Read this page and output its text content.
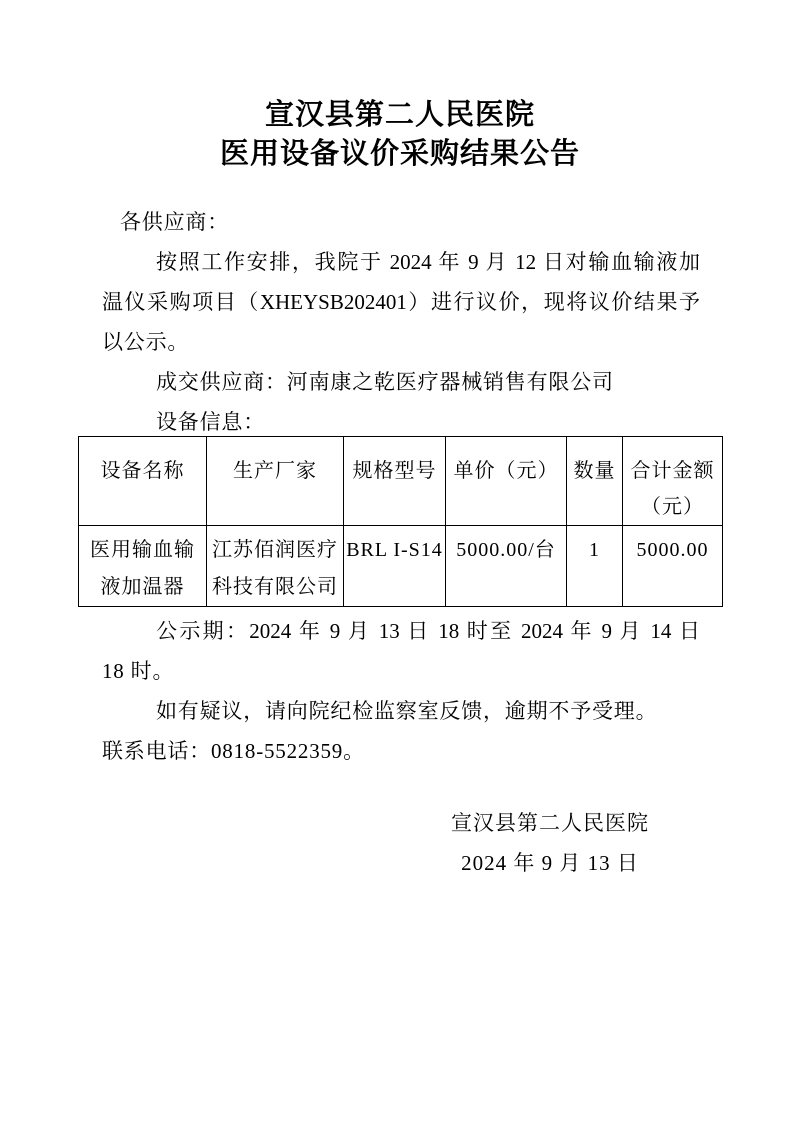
宣汉县第二人民医院
医用设备议价采购结果公告
各供应商：
按照工作安排，我院于 2024 年 9 月 12 日对输血输液加
温仪采购项目（XHEYSB202401）进行议价，现将议价结果予
以公示。
成交供应商：河南康之乾医疗器械销售有限公司
设备信息：
设备名称	生产厂家	规格型号	单价（元）	数量	合计金额
（元）
医用输血输
液加温器	江苏佰润医疗
科技有限公司	BRL I-S14	5000.00/台	1	5000.00
公示期：2024 年 9 月 13 日 18 时至 2024 年 9 月 14 日
18 时。
如有疑议，请向院纪检监察室反馈，逾期不予受理。
联系电话：0818-5522359。
宣汉县第二人民医院
2024 年 9 月 13 日
